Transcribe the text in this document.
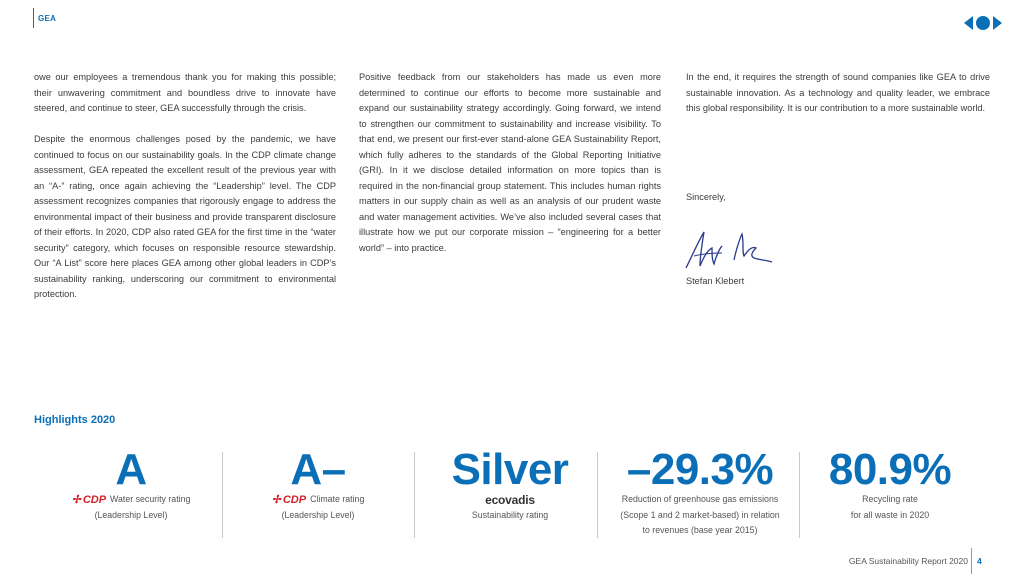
GEA

owe our employees a tremendous thank you for making this possible; their unwavering commitment and boundless drive to innovate have steered, and continue to steer, GEA successfully through the crisis.

Despite the enormous challenges posed by the pandemic, we have continued to focus on our sustainability goals. In the CDP climate change assessment, GEA repeated the excellent result of the previous year with an “A-” rating, once again achieving the “Leadership” level. The CDP assessment recognizes companies that rigorously engage to address the environmental impact of their business and provide transparent disclosure of their efforts. In 2020, CDP also rated GEA for the first time in the “water security” category, which focuses on responsible resource stewardship. Our “A List” score here places GEA among other global leaders in CDP’s sustainability ranking, underscoring our commitment to environmental protection.

Positive feedback from our stakeholders has made us even more determined to continue our efforts to become more sustainable and expand our sustainability strategy accordingly. Going forward, we intend to strengthen our commitment to sustainability and increase visibility. To that end, we present our first-ever stand-alone GEA Sustainability Report, which fully adheres to the standards of the Global Reporting Initiative (GRI). In it we disclose detailed information on more topics than is required in the non-financial group statement. This includes human rights matters in our supply chain as well as an analysis of our prudent waste and water management activities. We’ve also included several cases that illustrate how we put our corporate mission – “engineering for a better world” – into practice.

In the end, it requires the strength of sound companies like GEA to drive sustainable innovation. As a technology and quality leader, we embrace this global responsibility. It is our contribution to a more sustainable world.

Sincerely,
Stefan Klebert
Highlights 2020
A
✢ CDP Water security rating
(Leadership Level)
A–
✢ CDP Climate rating
(Leadership Level)
Silver
ecovadis
Sustainability rating
–29.3%
Reduction of greenhouse gas emissions
(Scope 1 and 2 market-based) in relation
to revenues (base year 2015)
80.9%
Recycling rate
for all waste in 2020
GEA Sustainability Report 2020 4
